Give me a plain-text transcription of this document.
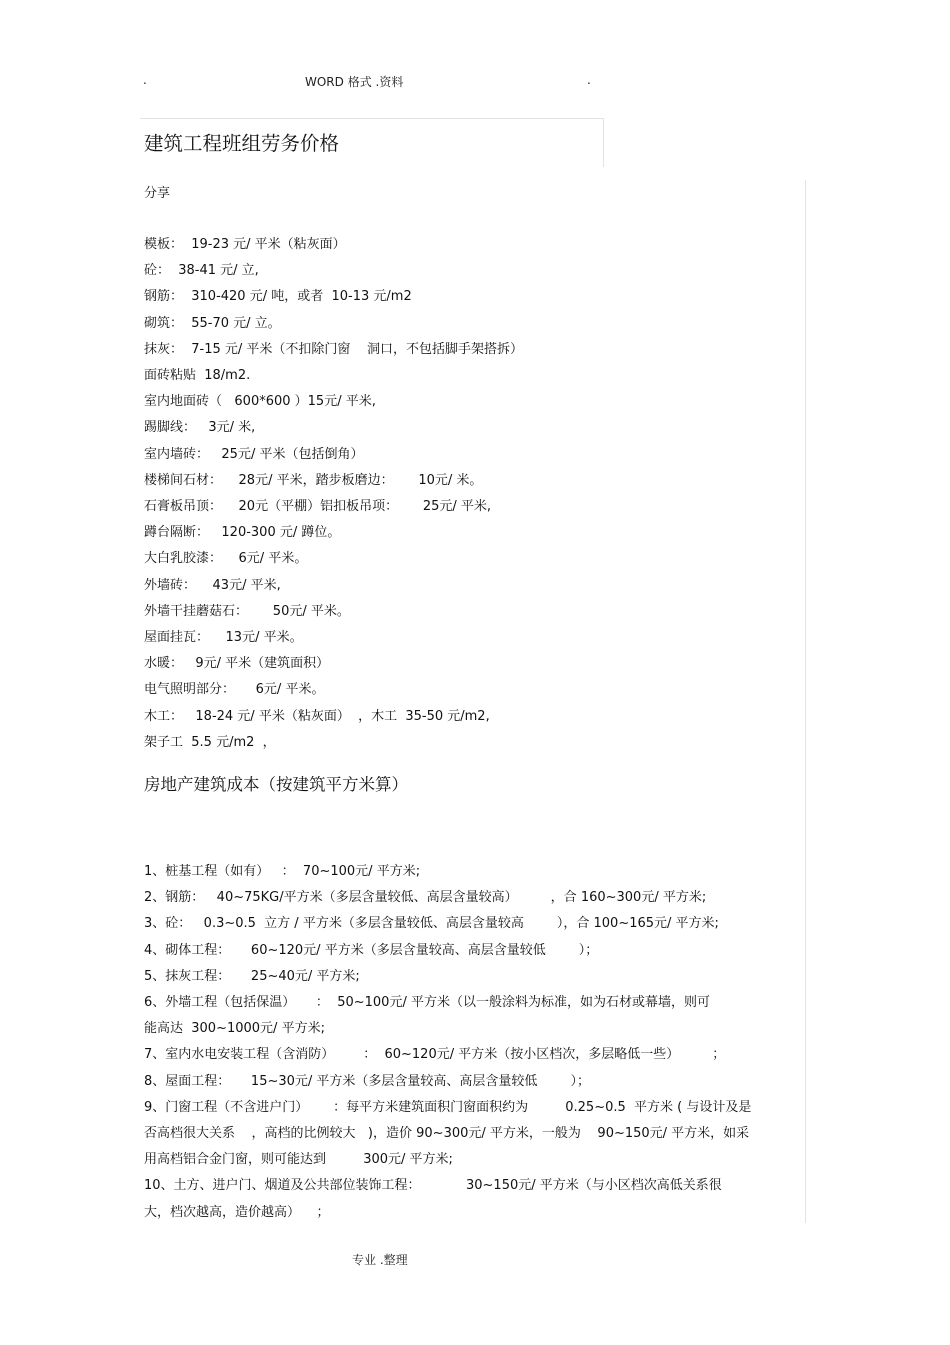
.	WORD 格式 .资料	.
建筑工程班组劳务价格
分享
模板：  19-23 元/ 平米（粘灰面）
砼：  38-41 元/ 立,
钢筋：  310-420 元/ 吨，或者  10-13 元/m2
砌筑：  55-70 元/ 立。
抹灰：  7-15 元/ 平米（不扣除门窗    洞口，不包括脚手架搭拆）
面砖粘贴  18/m2.
室内地面砖（   600*600 ）15元/ 平米,
踢脚线：   3元/ 米,
室内墙砖：   25元/ 平米（包括倒角）
楼梯间石材：    28元/ 平米，踏步板磨边：      10元/ 米。
石膏板吊顶：    20元（平棚）铝扣板吊项：      25元/ 平米,
蹲台隔断：   120-300 元/ 蹲位。
大白乳胶漆：    6元/ 平米。
外墙砖：    43元/ 平米,
外墙干挂蘑菇石：      50元/ 平米。
屋面挂瓦：    13元/ 平米。
水暖：   9元/ 平米（建筑面积）
电气照明部分：     6元/ 平米。
木工：   18-24 元/ 平米（粘灰面）  ，木工  35-50 元/m2,
架子工  5.5 元/m2  ，
房地产建筑成本（按建筑平方米算）
1、桩基工程（如有）   ：  70~100元/ 平方米;
2、钢筋：   40~75KG/平方米（多层含量较低、高层含量较高）        ，合 160~300元/ 平方米;
3、砼：   0.3~0.5  立方 / 平方米（多层含量较低、高层含量较高        ），合 100~165元/ 平方米;
4、砌体工程：     60~120元/ 平方米（多层含量较高、高层含量较低        ）；
5、抹灰工程：     25~40元/ 平方米;
6、外墙工程（包括保温）     ：  50~100元/ 平方米（以一般涂料为标准，如为石材或幕墙，则可
能高达  300~1000元/ 平方米;
7、室内水电安装工程（含消防）       ：  60~120元/ 平方米（按小区档次，多层略低一些）        ；
8、屋面工程：     15~30元/ 平方米（多层含量较高、高层含量较低        ）；
9、门窗工程（不含进户门）      ：每平方米建筑面积门窗面积约为         0.25~0.5  平方米 ( 与设计及是
否高档很大关系    ，高档的比例较大   )，造价 90~300元/ 平方米，一般为    90~150元/ 平方米，如采
用高档铝合金门窗，则可能达到         300元/ 平方米;
10、土方、进户门、烟道及公共部位装饰工程：           30~150元/ 平方米（与小区档次高低关系很
大，档次越高，造价越高）    ；
专业 .整理
